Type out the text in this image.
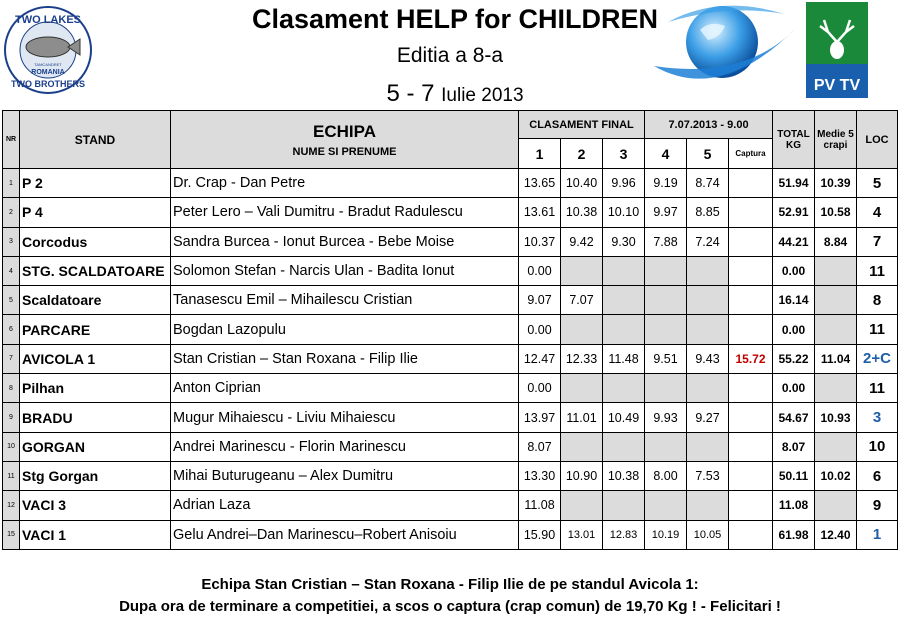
TWO LAKES
TAMCANDRET
ROMANIA
TWO BROTHERS
Clasament HELP for CHILDREN
Editia a 8-a
5 - 7 Iulie 2013	PV TV
NR	STAND	ECHIPA
NUME SI PRENUME	CLASAMENT FINAL			7.07.2013 - 9.00			TOTAL KG	Medie 5 crapi	LOC
			1	2	3	4	5	Captura			
1	P 2	Dr. Crap - Dan Petre	13.65	10.40	9.96	9.19	8.74		51.94	10.39	5
2	P 4	Peter Lero – Vali Dumitru - Bradut Radulescu	13.61	10.38	10.10	9.97	8.85		52.91	10.58	4
3	Corcodus	Sandra Burcea - Ionut Burcea - Bebe Moise	10.37	9.42	9.30	7.88	7.24		44.21	8.84	7
4	STG. SCALDATOARE	Solomon Stefan - Narcis Ulan - Badita Ionut	0.00						0.00		11
5	Scaldatoare	Tanasescu Emil – Mihailescu Cristian	9.07	7.07					16.14		8
6	PARCARE	Bogdan Lazopulu	0.00						0.00		11
7	AVICOLA 1	Stan Cristian – Stan Roxana - Filip Ilie	12.47	12.33	11.48	9.51	9.43	15.72	55.22	11.04	2+C
8	Pilhan	Anton Ciprian	0.00						0.00		11
9	BRADU	Mugur Mihaiescu - Liviu Mihaiescu	13.97	11.01	10.49	9.93	9.27		54.67	10.93	3
10	GORGAN	Andrei Marinescu - Florin Marinescu	8.07						8.07		10
11	Stg Gorgan	Mihai Buturugeanu – Alex Dumitru	13.30	10.90	10.38	8.00	7.53		50.11	10.02	6
12	VACI 3	Adrian Laza	11.08						11.08		9
15	VACI 1	Gelu Andrei–Dan Marinescu–Robert Anisoiu	15.90	13.01	12.83	10.19	10.05		61.98	12.40	1
Echipa Stan Cristian – Stan Roxana - Filip Ilie de pe standul Avicola 1:
Dupa ora de terminare a competitiei, a scos o captura (crap comun) de 19,70 Kg ! - Felicitari !
